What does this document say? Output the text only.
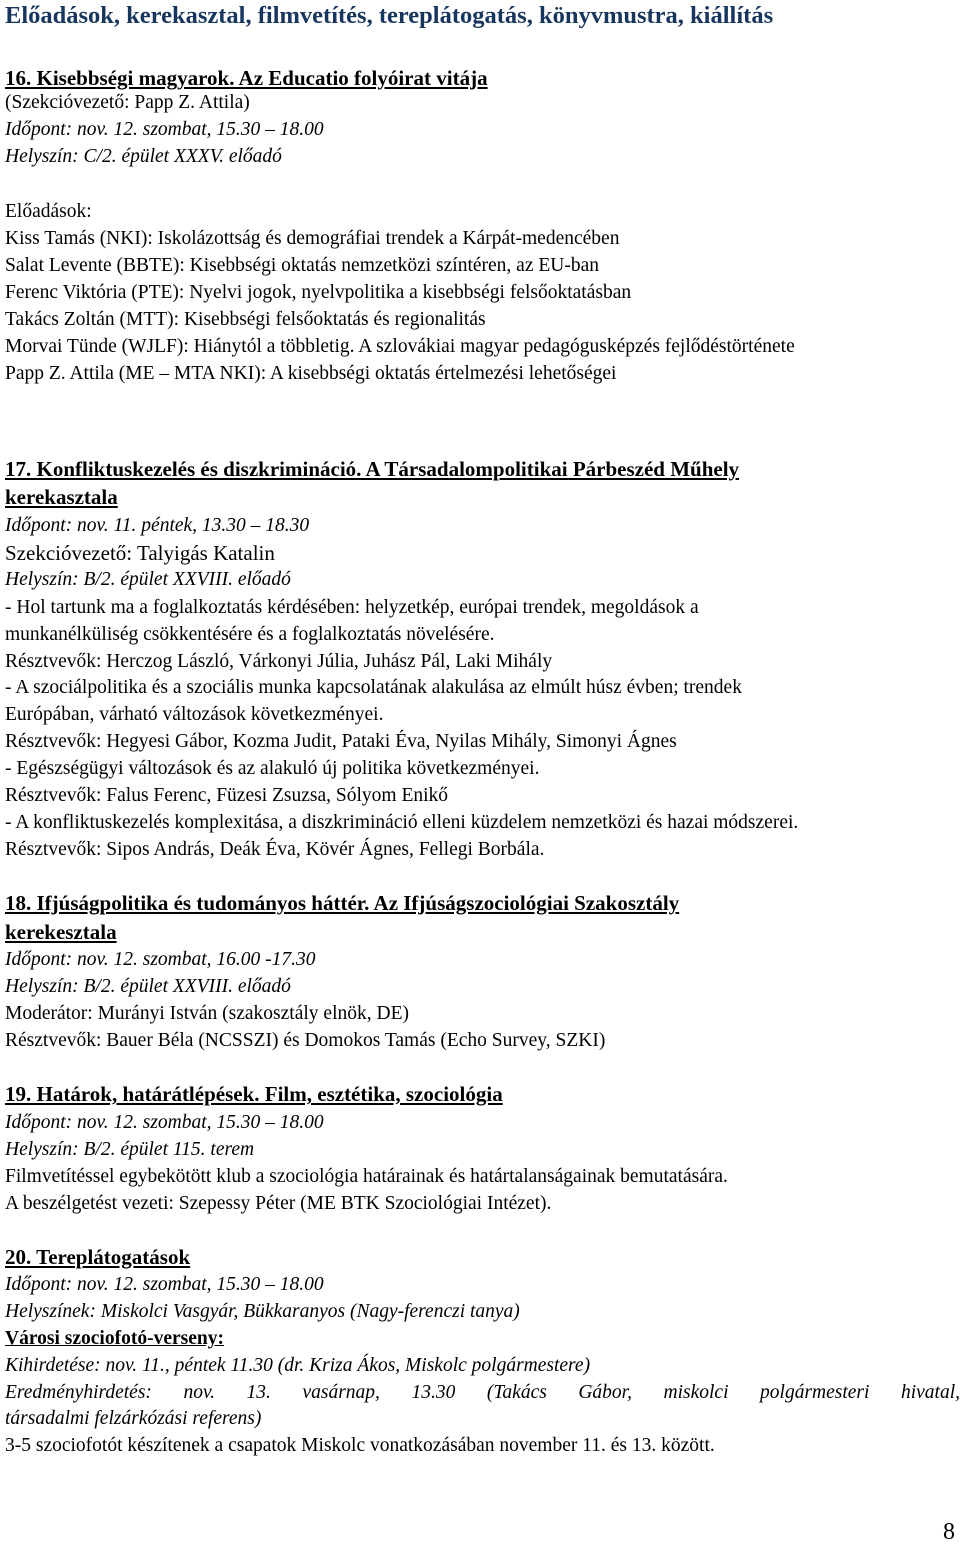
Előadások, kerekasztal, filmvetítés, tereplátogatás, könyvmustra, kiállítás
16. Kisebbségi magyarok. Az Educatio folyóirat vitája
(Szekcióvezető: Papp Z. Attila)
Időpont: nov. 12. szombat, 15.30 – 18.00
Helyszín: C/2. épület XXXV. előadó
Előadások:
Kiss Tamás (NKI): Iskolázottság és demográfiai trendek a Kárpát-medencében
Salat Levente (BBTE): Kisebbségi oktatás nemzetközi színtéren, az EU-ban
Ferenc Viktória (PTE): Nyelvi jogok, nyelvpolitika a kisebbségi felsőoktatásban
Takács Zoltán (MTT): Kisebbségi felsőoktatás és regionalitás
Morvai Tünde (WJLF): Hiánytól a többletig. A szlovákiai magyar pedagógusképzés fejlődéstörténete
Papp Z. Attila (ME – MTA NKI): A kisebbségi oktatás értelmezési lehetőségei
17. Konfliktuskezelés és diszkrimináció. A Társadalompolitikai Párbeszéd Műhely
kerekasztala
Időpont: nov. 11. péntek, 13.30 – 18.30
Szekcióvezető: Talyigás Katalin
Helyszín: B/2. épület XXVIII. előadó
- Hol tartunk ma a foglalkoztatás kérdésében: helyzetkép, európai trendek, megoldások a
munkanélküliség csökkentésére és a foglalkoztatás növelésére.
Résztvevők: Herczog László, Várkonyi Júlia, Juhász Pál, Laki Mihály
- A szociálpolitika és a szociális munka kapcsolatának alakulása az elmúlt húsz évben; trendek
Európában, várható változások következményei.
Résztvevők: Hegyesi Gábor, Kozma Judit, Pataki Éva, Nyilas Mihály, Simonyi Ágnes
- Egészségügyi változások és az alakuló új politika következményei.
Résztvevők: Falus Ferenc, Füzesi Zsuzsa, Sólyom Enikő
- A konfliktuskezelés komplexitása, a diszkrimináció elleni küzdelem nemzetközi és hazai módszerei.
Résztvevők: Sipos András, Deák Éva, Kövér Ágnes, Fellegi Borbála.
18. Ifjúságpolitika és tudományos háttér. Az Ifjúságszociológiai Szakosztály
kerekesztala
Időpont: nov. 12. szombat, 16.00 -17.30
Helyszín: B/2. épület XXVIII. előadó
Moderátor: Murányi István (szakosztály elnök, DE)
Résztvevők: Bauer Béla (NCSSZI) és Domokos Tamás (Echo Survey, SZKI)
19. Határok, határátlépések. Film, esztétika, szociológia
Időpont: nov. 12. szombat, 15.30 – 18.00
Helyszín: B/2. épület 115. terem
Filmvetítéssel egybekötött klub a szociológia határainak és határtalanságainak bemutatására.
A beszélgetést vezeti: Szepessy Péter (ME BTK Szociológiai Intézet).
20. Tereplátogatások
Időpont: nov. 12. szombat, 15.30 – 18.00
Helyszínek: Miskolci Vasgyár, Bükkaranyos (Nagy-ferenczi tanya)
Városi szociofotó-verseny:
Kihirdetése: nov. 11., péntek 11.30 (dr. Kriza Ákos, Miskolc polgármestere)
Eredményhirdetés: nov. 13. vasárnap, 13.30 (Takács Gábor, miskolci polgármesteri hivatal,
társadalmi felzárkózási referens)
3-5 szociofotót készítenek a csapatok Miskolc vonatkozásában november 11. és 13. között.
8
